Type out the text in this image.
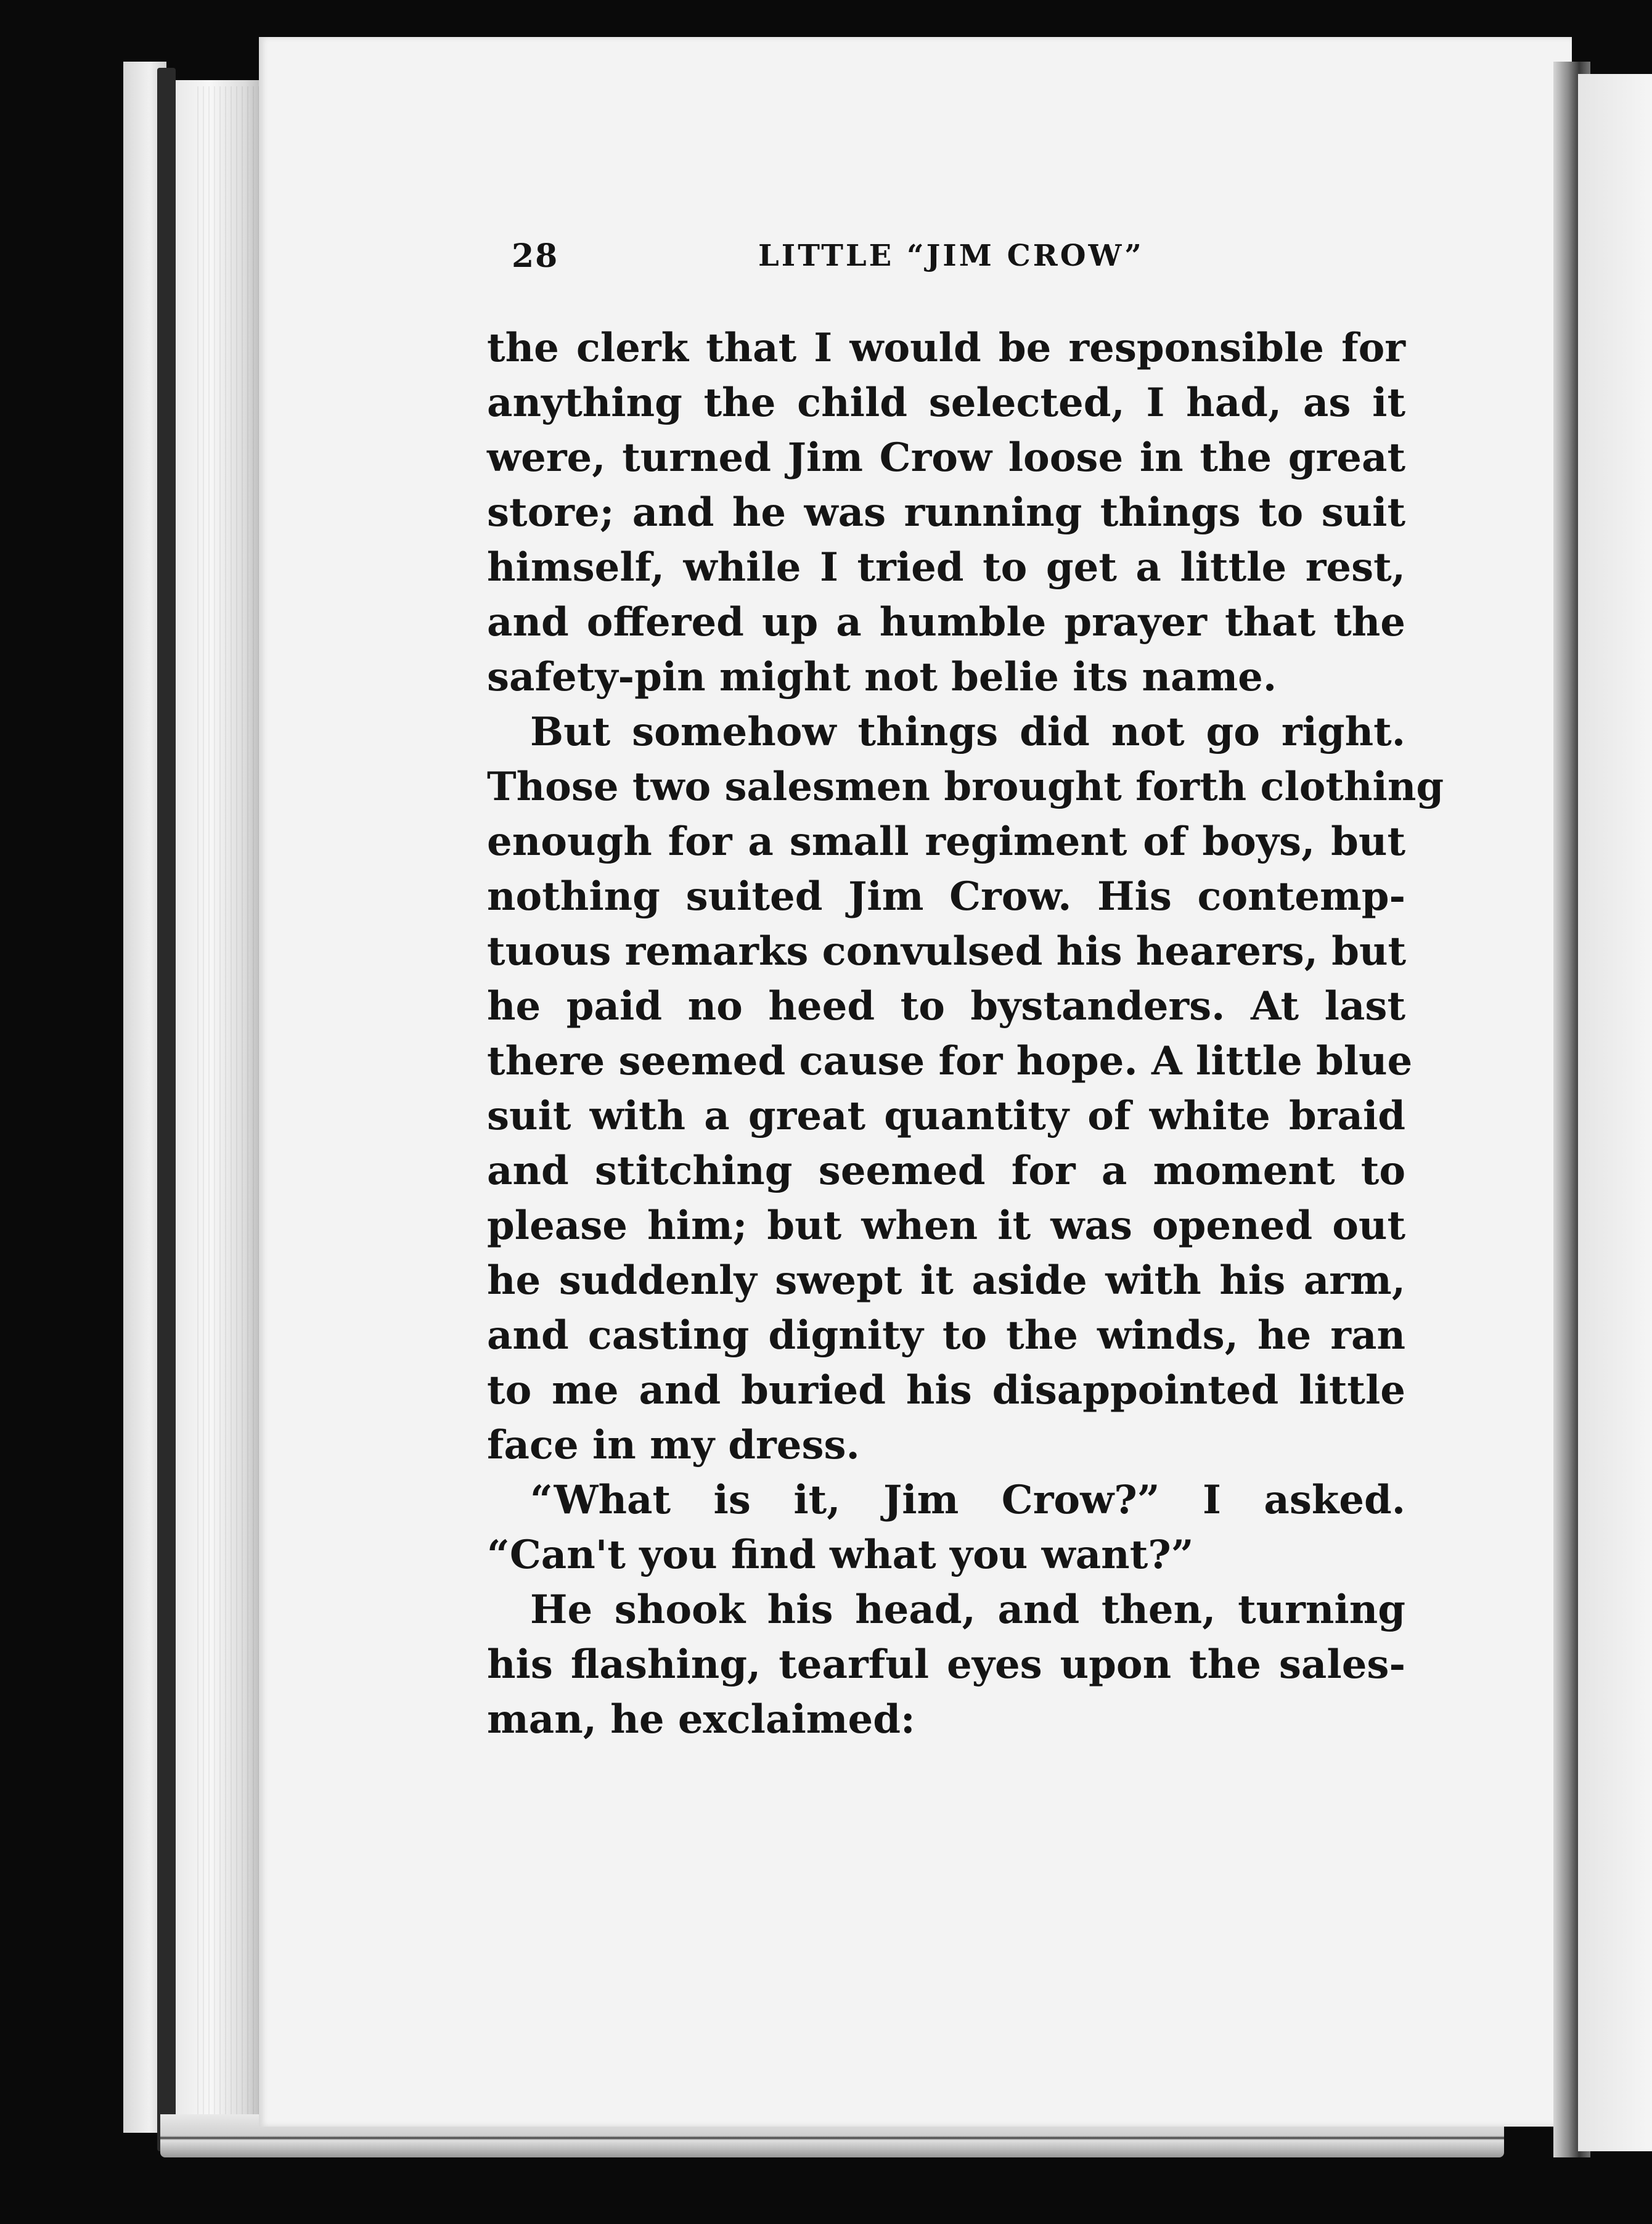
28	LITTLE “JIM CROW”
the clerk that I would be responsible for
anything the child selected, I had, as it
were, turned Jim Crow loose in the great
store; and he was running things to suit
himself, while I tried to get a little rest,
and offered up a humble prayer that the
safety-pin might not belie its name.
But somehow things did not go right.
Those two salesmen brought forth clothing
enough for a small regiment of boys, but
nothing suited Jim Crow. His contemp-
tuous remarks convulsed his hearers, but
he paid no heed to bystanders. At last
there seemed cause for hope. A little blue
suit with a great quantity of white braid
and stitching seemed for a moment to
please him; but when it was opened out
he suddenly swept it aside with his arm,
and casting dignity to the winds, he ran
to me and buried his disappointed little
face in my dress.
“What is it, Jim Crow?” I asked.
“Can't you find what you want?”
He shook his head, and then, turning
his flashing, tearful eyes upon the sales-
man, he exclaimed:
